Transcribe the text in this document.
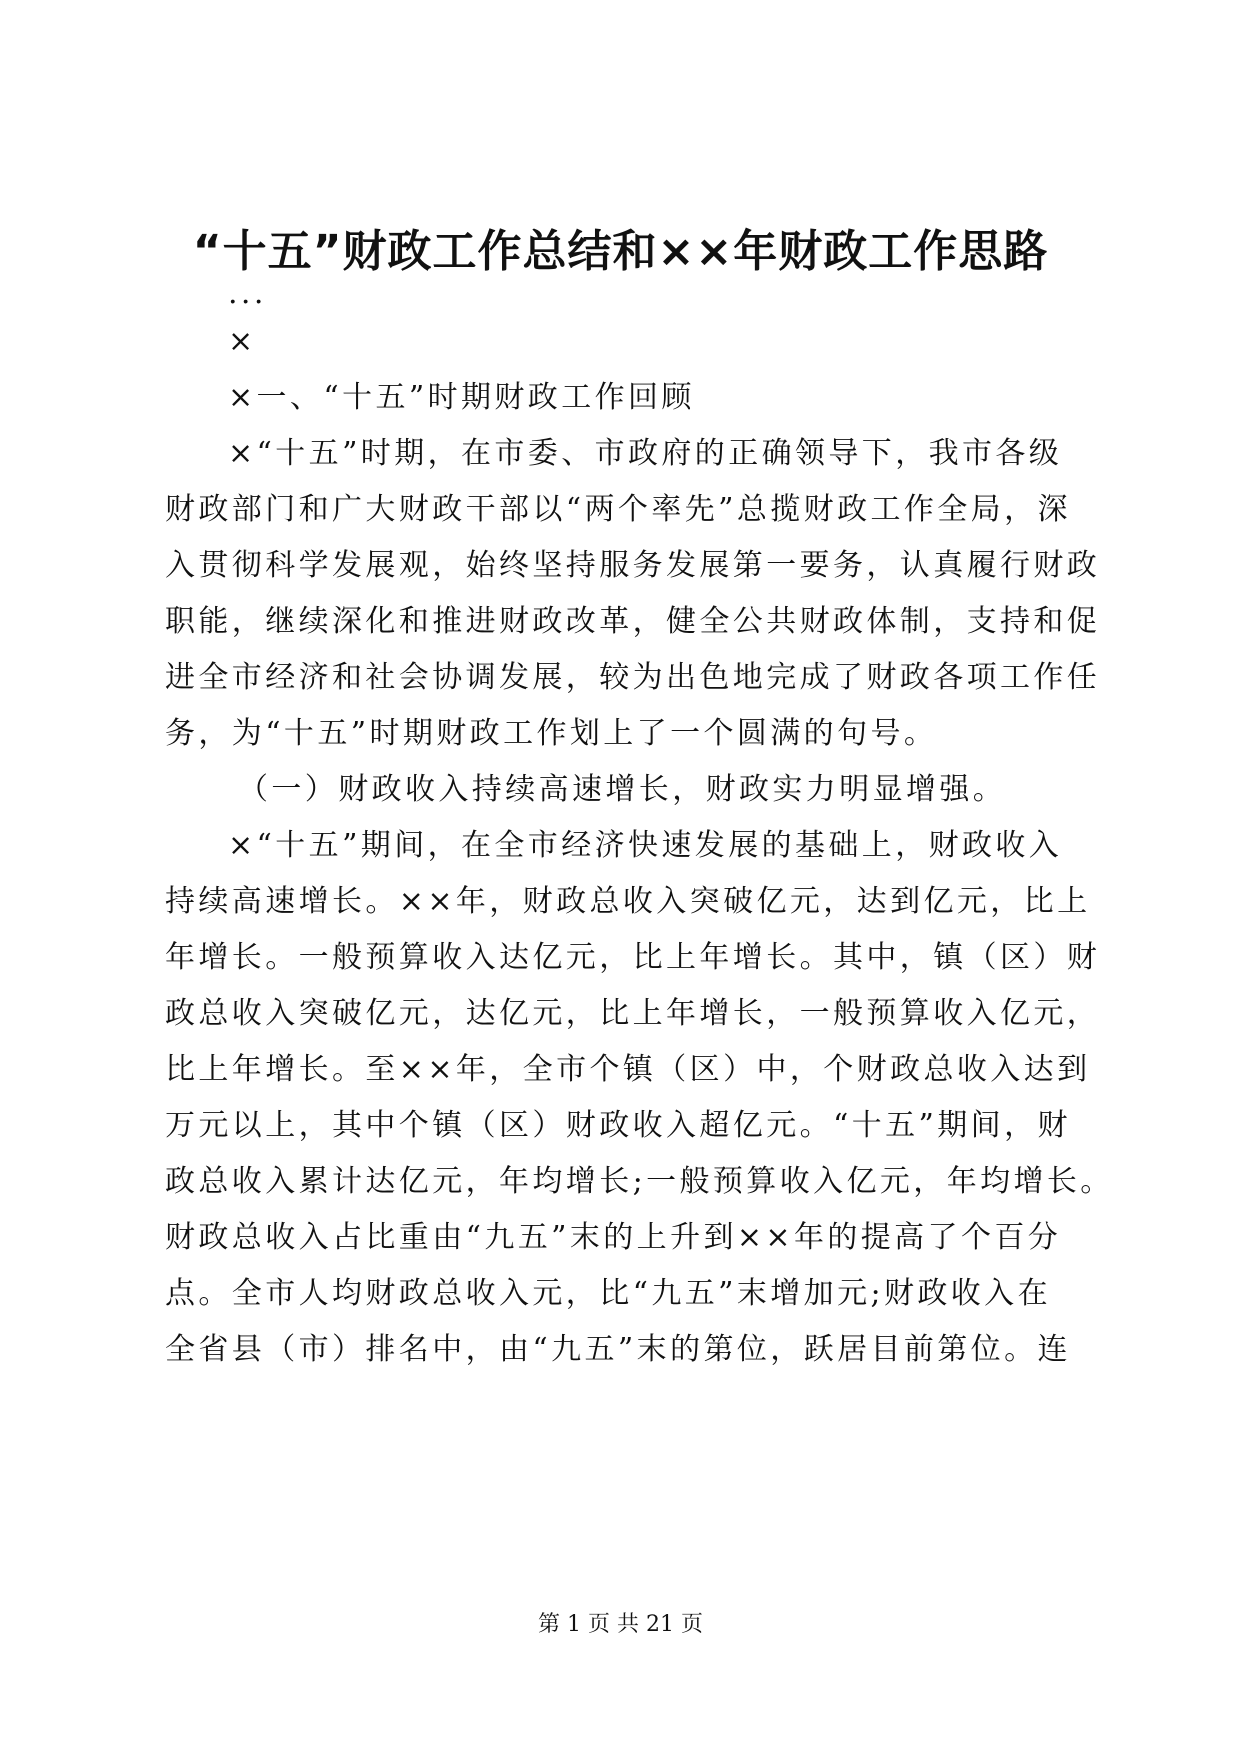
“十五”财政工作总结和××年财政工作思路
...
×
×一、“十五”时期财政工作回顾
×“十五”时期，在市委、市政府的正确领导下，我市各级
财政部门和广大财政干部以“两个率先”总揽财政工作全局，深
入贯彻科学发展观，始终坚持服务发展第一要务，认真履行财政
职能，继续深化和推进财政改革，健全公共财政体制，支持和促
进全市经济和社会协调发展，较为出色地完成了财政各项工作任
务，为“十五”时期财政工作划上了一个圆满的句号。
（一）财政收入持续高速增长，财政实力明显增强。
×“十五”期间，在全市经济快速发展的基础上，财政收入
持续高速增长。××年，财政总收入突破亿元，达到亿元，比上
年增长。一般预算收入达亿元，比上年增长。其中，镇（区）财
政总收入突破亿元，达亿元，比上年增长，一般预算收入亿元，
比上年增长。至××年，全市个镇（区）中，个财政总收入达到
万元以上，其中个镇（区）财政收入超亿元。“十五”期间，财
政总收入累计达亿元，年均增长;一般预算收入亿元，年均增长。
财政总收入占比重由“九五”末的上升到××年的提高了个百分
点。全市人均财政总收入元，比“九五”末增加元;财政收入在
全省县（市）排名中，由“九五”末的第位，跃居目前第位。连
第 1 页 共 21 页
